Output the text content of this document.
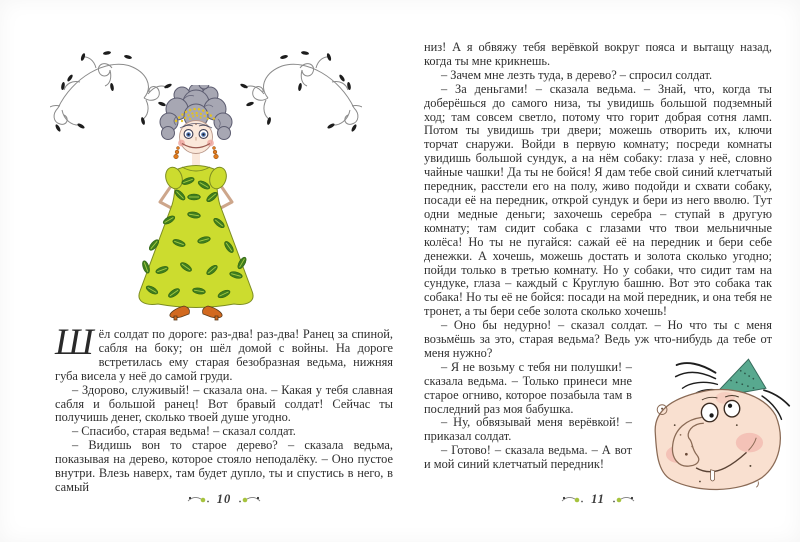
Шёл солдат по дороге: раз-два! раз-два! Ранец за спиной, сабля на боку; он шёл домой с войны. На дороге встретилась ему старая безобразная ведьма, нижняя губа висела у неё до самой груди.

– Здорово, служивый! – сказала она. – Какая у тебя славная сабля и большой ранец! Вот бравый солдат! Сейчас ты получишь денег, сколько твоей душе угодно.

– Спасибо, старая ведьма! – сказал солдат.

– Видишь вон то старое дерево? – сказала ведьма, показывая на дерево, которое стояло неподалёку. – Оно пустое внутри. Влезь наверх, там будет дупло, ты и спустись в него, в самый

10

низ! А я обвяжу тебя верёвкой вокруг пояса и вытащу назад, когда ты мне крикнешь.

– Зачем мне лезть туда, в дерево? – спросил солдат.

– За деньгами! – сказала ведьма. – Знай, что, когда ты доберёшься до самого низа, ты увидишь большой подземный ход; там совсем светло, потому что горит добрая сотня ламп. Потом ты увидишь три двери; можешь отворить их, ключи торчат снаружи. Войди в первую комнату; посреди комнаты увидишь большой сундук, а на нём собаку: глаза у неё, словно чайные чашки! Да ты не бойся! Я дам тебе свой синий клетчатый передник, расстели его на полу, живо подойди и схвати собаку, посади её на передник, открой сундук и бери из него вволю. Тут одни медные деньги; захочешь серебра – ступай в другую комнату; там сидит собака с глазами что твои мельничные колёса! Но ты не пугайся: сажай её на передник и бери себе денежки. А хочешь, можешь достать и золота сколько угодно; пойди только в третью комнату. Но у собаки, что сидит там на сундуке, глаза – каждый с Круглую башню. Вот это собака так собака! Но ты её не бойся: посади на мой передник, и она тебя не тронет, а ты бери себе золота сколько хочешь!

– Оно бы недурно! – сказал солдат. – Но что ты с меня возьмёшь за это, старая ведьма? Ведь уж что-нибудь да тебе от меня нужно?

– Я не возьму с тебя ни полушки! – сказала ведьма. – Только принеси мне старое огниво, которое позабыла там в последний раз моя бабушка.

– Ну, обвязывай меня верёвкой! – приказал солдат.

– Готово! – сказала ведьма. – А вот и мой синий клетчатый передник!

11
